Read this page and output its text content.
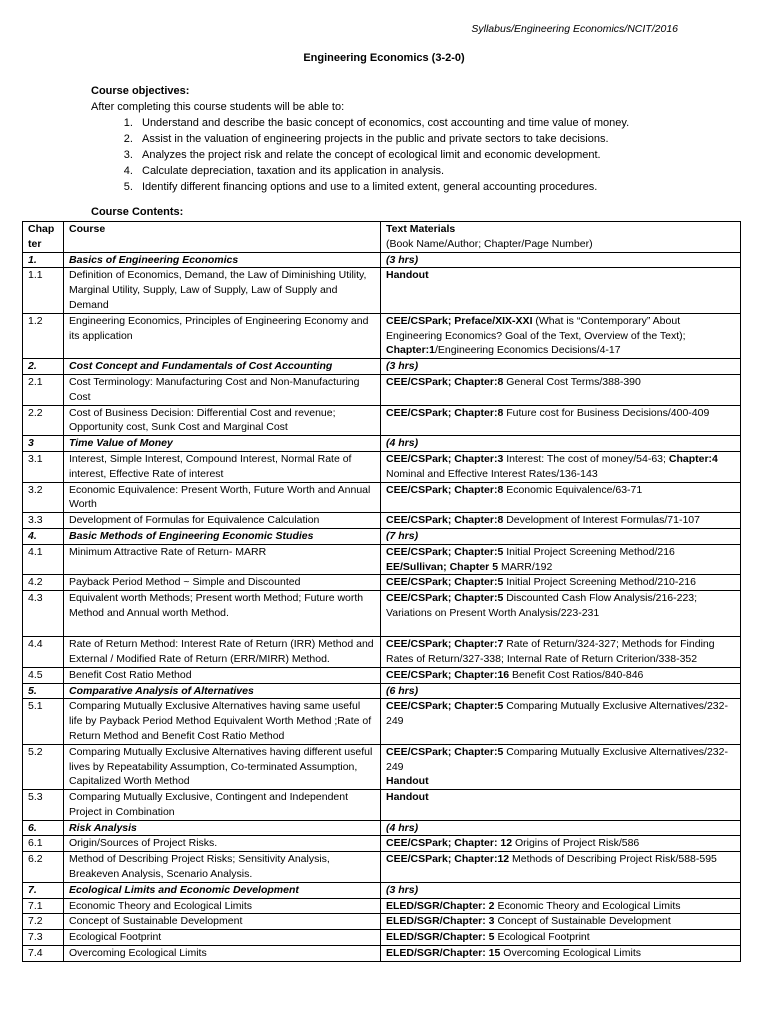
Syllabus/Engineering Economics/NCIT/2016
Engineering Economics (3-2-0)
Course objectives:
After completing this course students will be able to:
1. Understand and describe the basic concept of economics, cost accounting and time value of money.
2. Assist in the valuation of engineering projects in the public and private sectors to take decisions.
3. Analyzes the project risk and relate the concept of ecological limit and economic development.
4. Calculate depreciation, taxation and its application in analysis.
5. Identify different financing options and use to a limited extent, general accounting procedures.
Course Contents:
Chap ter	Course	Text Materials
(Book Name/Author; Chapter/Page Number)

1.	Basics of Engineering Economics	(3 hrs)
1.1	Definition of Economics, Demand, the Law of Diminishing Utility, Marginal Utility, Supply, Law of Supply, Law of Supply and Demand	Handout
1.2	Engineering Economics, Principles of Engineering Economy and its application	CEE/CSPark; Preface/XIX-XXI (What is “Contemporary” About Engineering Economics? Goal of the Text, Overview of the Text); Chapter:1/Engineering Economics Decisions/4-17
2.	Cost Concept and Fundamentals of Cost Accounting	(3 hrs)
2.1	Cost Terminology: Manufacturing Cost and Non-Manufacturing Cost	CEE/CSPark; Chapter:8 General Cost Terms/388-390
2.2	Cost of Business Decision: Differential Cost and revenue; Opportunity cost, Sunk Cost and Marginal Cost	CEE/CSPark; Chapter:8 Future cost for Business Decisions/400-409
3	Time Value of Money	(4 hrs)
3.1	Interest, Simple Interest, Compound Interest, Normal Rate of interest, Effective Rate of interest	CEE/CSPark; Chapter:3 Interest: The cost of money/54-63; Chapter:4 Nominal and Effective Interest Rates/136-143
3.2	Economic Equivalence: Present Worth, Future Worth and Annual Worth	CEE/CSPark; Chapter:8 Economic Equivalence/63-71
3.3	Development of Formulas for Equivalence Calculation	CEE/CSPark; Chapter:8 Development of Interest Formulas/71-107
4.	Basic Methods of Engineering Economic Studies	(7 hrs)
4.1	Minimum Attractive Rate of Return- MARR	CEE/CSPark; Chapter:5 Initial Project Screening Method/216
EE/Sullivan; Chapter 5 MARR/192

4.2	Payback Period Method ~ Simple and Discounted	CEE/CSPark; Chapter:5 Initial Project Screening Method/210-216
4.3	Equivalent worth Methods; Present worth Method; Future worth Method and Annual worth Method.	CEE/CSPark; Chapter:5 Discounted Cash Flow Analysis/216-223; Variations on Present Worth Analysis/223-231
4.4	Rate of Return Method: Interest Rate of Return (IRR) Method and External / Modified Rate of Return (ERR/MIRR) Method.	CEE/CSPark; Chapter:7 Rate of Return/324-327; Methods for Finding Rates of Return/327-338; Internal Rate of Return Criterion/338-352
4.5	Benefit Cost Ratio Method	CEE/CSPark; Chapter:16 Benefit Cost Ratios/840-846
5.	Comparative Analysis of Alternatives	(6 hrs)
5.1	Comparing Mutually Exclusive Alternatives having same useful life by Payback Period Method Equivalent Worth Method ;Rate of Return Method and Benefit Cost Ratio Method	CEE/CSPark; Chapter:5 Comparing Mutually Exclusive Alternatives/232-249
5.2	Comparing Mutually Exclusive Alternatives having different useful lives by Repeatability Assumption, Co-terminated Assumption, Capitalized Worth Method	CEE/CSPark; Chapter:5 Comparing Mutually Exclusive Alternatives/232-249
Handout

5.3	Comparing Mutually Exclusive, Contingent and Independent Project in Combination	Handout
6.	Risk Analysis	(4 hrs)
6.1	Origin/Sources of Project Risks.	CEE/CSPark; Chapter: 12 Origins of Project Risk/586
6.2	Method of Describing Project Risks; Sensitivity Analysis, Breakeven Analysis, Scenario Analysis.	CEE/CSPark; Chapter:12 Methods of Describing Project Risk/588-595
7.	Ecological Limits and Economic Development	(3 hrs)
7.1	Economic Theory and Ecological Limits	ELED/SGR/Chapter: 2 Economic Theory and Ecological Limits
7.2	Concept of Sustainable Development	ELED/SGR/Chapter: 3 Concept of Sustainable Development
7.3	Ecological Footprint	ELED/SGR/Chapter: 5 Ecological Footprint
7.4	Overcoming Ecological Limits	ELED/SGR/Chapter: 15 Overcoming Ecological Limits
